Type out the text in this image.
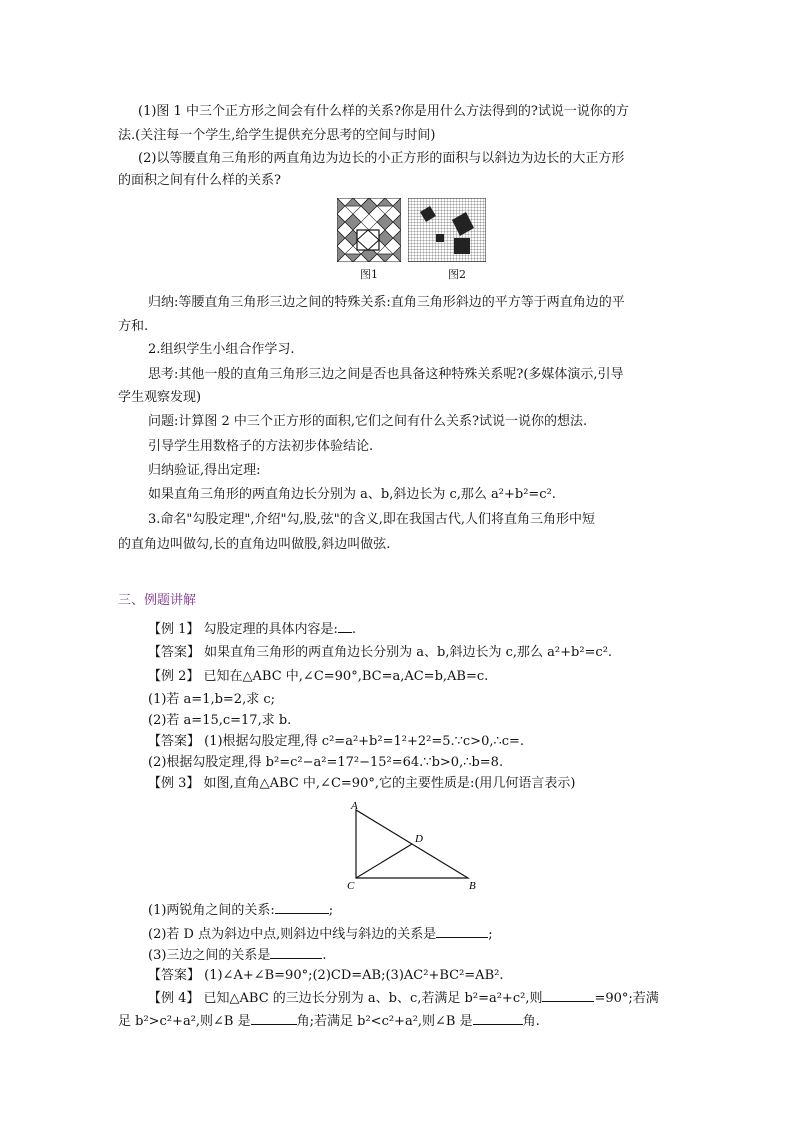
(1)图 1 中三个正方形之间会有什么样的关系?你是用什么方法得到的?试说一说你的方
法.(关注每一个学生,给学生提供充分思考的空间与时间)
(2)以等腰直角三角形的两直角边为边长的小正方形的面积与以斜边为边长的大正方形
的面积之间有什么样的关系?
图1	图2
归纳:等腰直角三角形三边之间的特殊关系:直角三角形斜边的平方等于两直角边的平
方和.
2.组织学生小组合作学习.
思考:其他一般的直角三角形三边之间是否也具备这种特殊关系呢?(多媒体演示,引导
学生观察发现)
问题:计算图 2 中三个正方形的面积,它们之间有什么关系?试说一说你的想法.
引导学生用数格子的方法初步体验结论.
归纳验证,得出定理:
如果直角三角形的两直角边长分别为 a、b,斜边长为 c,那么 a²+b²=c².
3.命名"勾股定理",介绍"勾,股,弦"的含义,即在我国古代,人们将直角三角形中短
的直角边叫做勾,长的直角边叫做股,斜边叫做弦.
三、例题讲解
【例 1】 勾股定理的具体内容是: .
【答案】 如果直角三角形的两直角边长分别为 a、b,斜边长为 c,那么 a²+b²=c².
【例 2】 已知在△ABC 中,∠C=90°,BC=a,AC=b,AB=c.
(1)若 a=1,b=2,求 c;
(2)若 a=15,c=17,求 b.
【答案】 (1)根据勾股定理,得 c²=a²+b²=1²+2²=5.∵c>0,∴c=.
(2)根据勾股定理,得 b²=c²−a²=17²−15²=64.∵b>0,∴b=8.
【例 3】 如图,直角△ABC 中,∠C=90°,它的主要性质是:(用几何语言表示)
A
B
C
D
(1)两锐角之间的关系:	;
(2)若 D 点为斜边中点,则斜边中线与斜边的关系是	;
(3)三边之间的关系是	.
【答案】 (1)∠A+∠B=90°;(2)CD=AB;(3)AC²+BC²=AB².
【例 4】 已知△ABC 的三边长分别为 a、b、c,若满足 b²=a²+c²,则	=90°;若满
足 b²>c²+a²,则∠B 是	角;若满足 b²<c²+a²,则∠B 是	角.
